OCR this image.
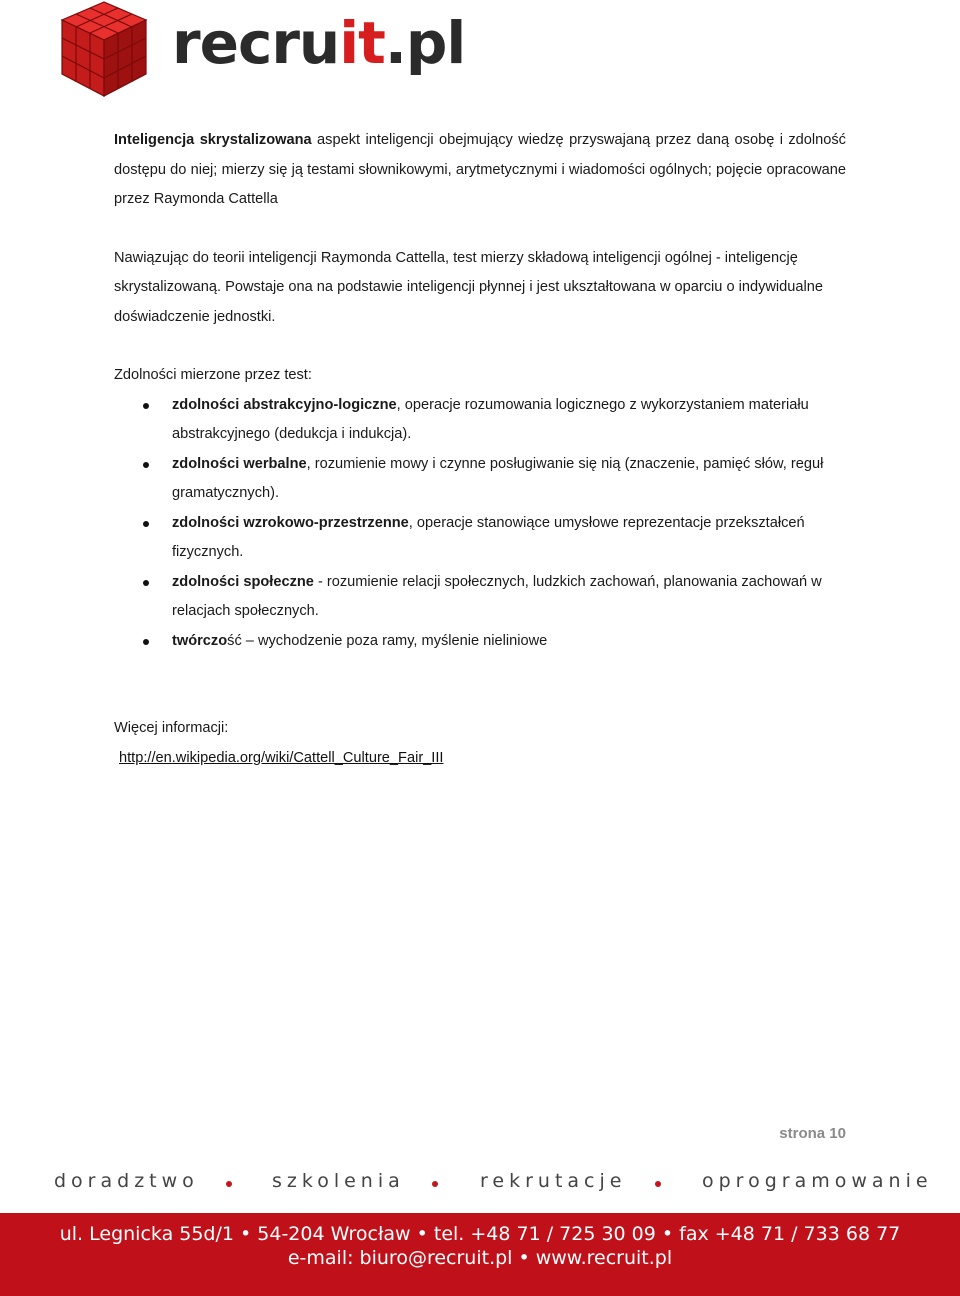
recruit.pl

Inteligencja skrystalizowana aspekt inteligencji obejmujący wiedzę przyswajaną przez daną osobę i zdolność dostępu do niej; mierzy się ją testami słownikowymi, arytmetycznymi i wiadomości ogólnych; pojęcie opracowane przez Raymonda Cattella

Nawiązując do teorii inteligencji Raymonda Cattella, test mierzy składową inteligencji ogólnej - inteligencję skrystalizowaną. Powstaje ona na podstawie inteligencji płynnej i jest ukształtowana w oparciu o indywidualne doświadczenie jednostki.

Zdolności mierzone przez test:

zdolności abstrakcyjno-logiczne, operacje rozumowania logicznego z wykorzystaniem materiału abstrakcyjnego (dedukcja i indukcja).
zdolności werbalne, rozumienie mowy i czynne posługiwanie się nią (znaczenie, pamięć słów, reguł gramatycznych).
zdolności wzrokowo-przestrzenne, operacje stanowiące umysłowe reprezentacje przekształceń fizycznych.
zdolności społeczne - rozumienie relacji społecznych, ludzkich zachowań, planowania zachowań w relacjach społecznych.
twórczość – wychodzenie poza ramy, myślenie nieliniowe

Więcej informacji:

http://en.wikipedia.org/wiki/Cattell_Culture_Fair_III

strona 10
doradztwo	szkolenia	rekrutacje	oprogramowanie
ul. Legnicka 55d/1 • 54-204 Wrocław • tel. +48 71 / 725 30 09 • fax +48 71 / 733 68 77
e-mail: biuro@recruit.pl • www.recruit.pl
